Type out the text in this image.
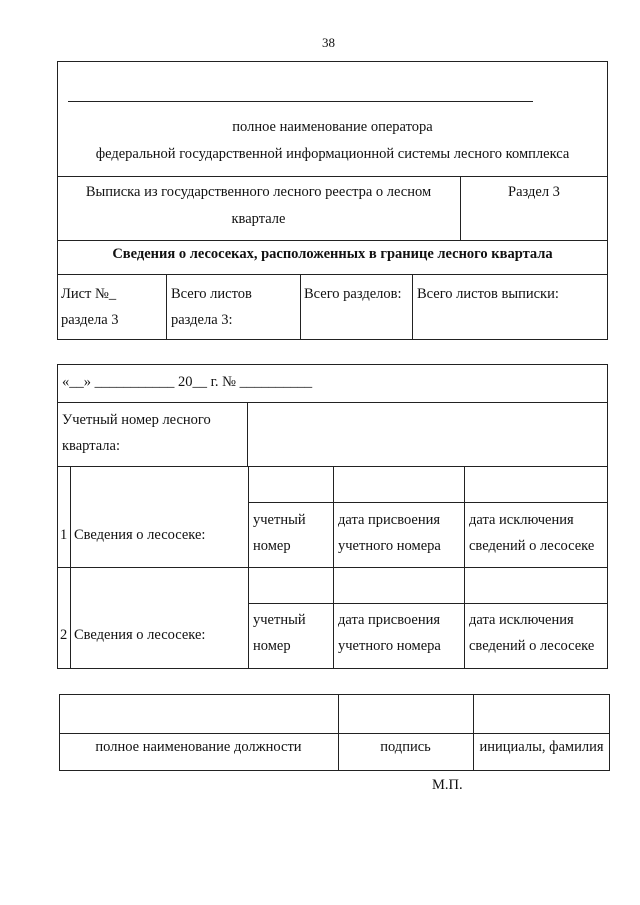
38
полное наименование оператора
федеральной государственной информационной системы лесного комплекса
Выписка из государственного лесного реестра о лесном
квартале
Раздел 3
Сведения о лесосеках, расположенных в границе лесного квартала
Лист №_
раздела 3
Всего листов
раздела 3:
Всего разделов: Всего листов выписки:
«__» ___________ 20__ г. № __________
Учетный номер лесного
квартала:
1 Сведения о лесосеке:
учетный
номер
дата присвоения
учетного номера
дата исключения
сведений о лесосеке
2 Сведения о лесосеке:
учетный
номер
дата присвоения
учетного номера
дата исключения
сведений о лесосеке
полное наименование должности	подпись	инициалы, фамилия
М.П.
